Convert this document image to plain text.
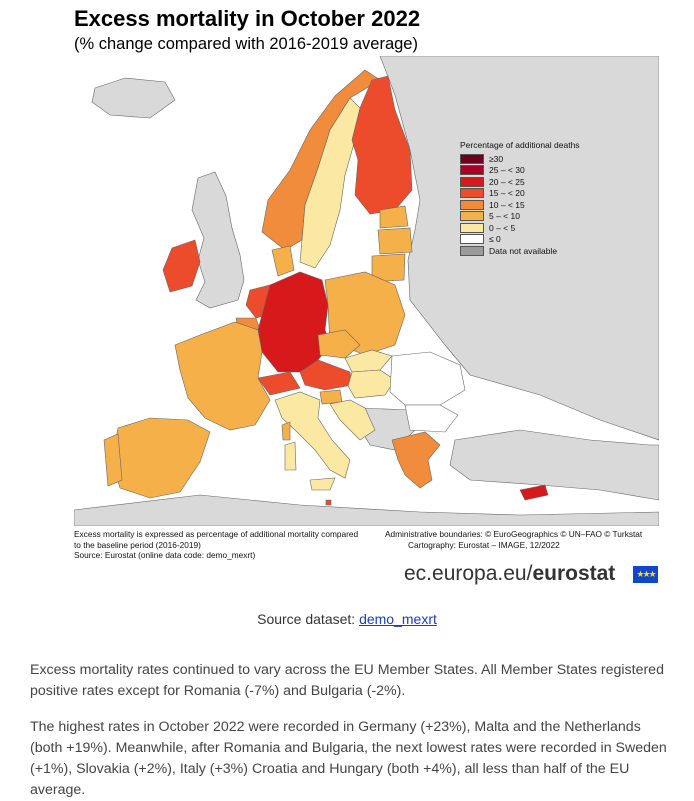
Excess mortality in October 2022
(% change compared with 2016-2019 average)
Percentage of additional deaths
≥30
25 – < 30
20 – < 25
15 – < 20
10 – < 15
5 – < 10
0 – < 5
≤ 0
Data not available
Excess mortality is expressed as percentage of additional mortality compared
to the baseline period (2016-2019)
Source: Eurostat (online data code: demo_mexrt)
Administrative boundaries: © EuroGeographics © UN–FAO © Turkstat
Cartography: Eurostat – IMAGE, 12/2022
ec.europa.eu/eurostat ★★★
Source dataset: demo_mexrt

Excess mortality rates continued to vary across the EU Member States. All Member States registered positive rates except for Romania (-7%) and Bulgaria (-2%).

The highest rates in October 2022 were recorded in Germany (+23%), Malta and the Netherlands (both +19%). Meanwhile, after Romania and Bulgaria, the next lowest rates were recorded in Sweden (+1%), Slovakia (+2%), Italy (+3%) Croatia and Hungary (both +4%), all less than half of the EU average.
